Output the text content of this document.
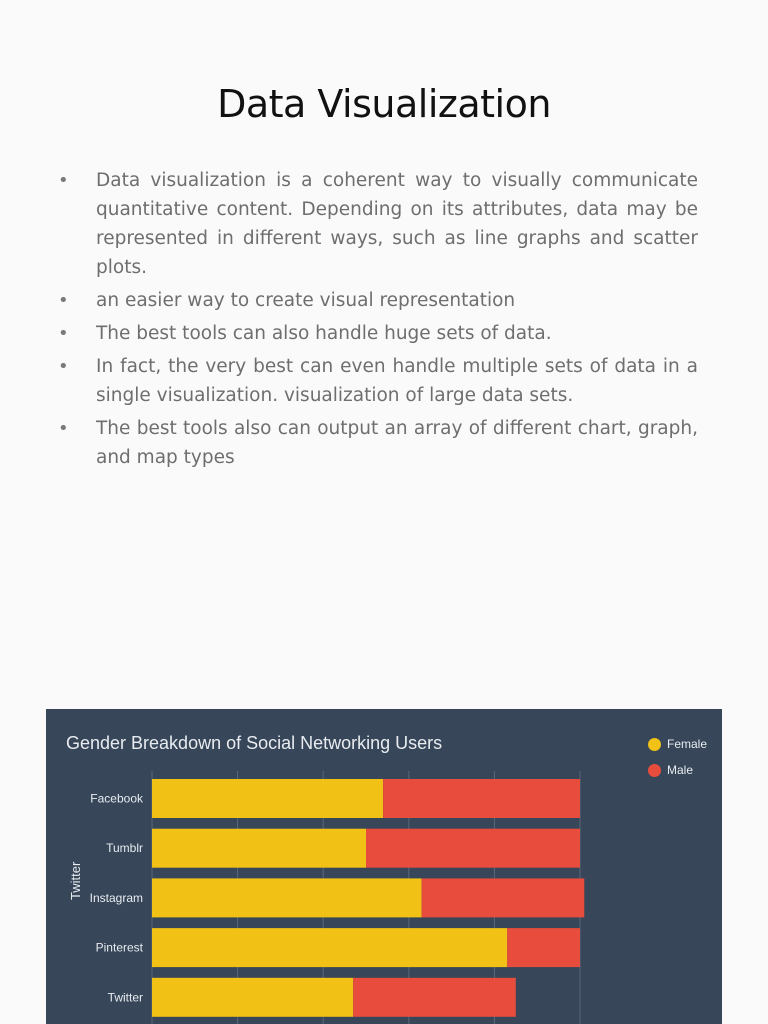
Data Visualization
• Data visualization is a coherent way to visually communicate quantitative content. Depending on its attributes, data may be represented in different ways, such as line graphs and scatter plots.
• an easier way to create visual representation
• The best tools can also handle huge sets of data.
• In fact, the very best can even handle multiple sets of data in a single visualization. visualization of large data sets.
• The best tools also can output an array of different chart, graph, and map types
Gender Breakdown of Social Networking Users	Female
Male
Twitter
Facebook
Tumblr
Instagram
Pinterest
Twitter
